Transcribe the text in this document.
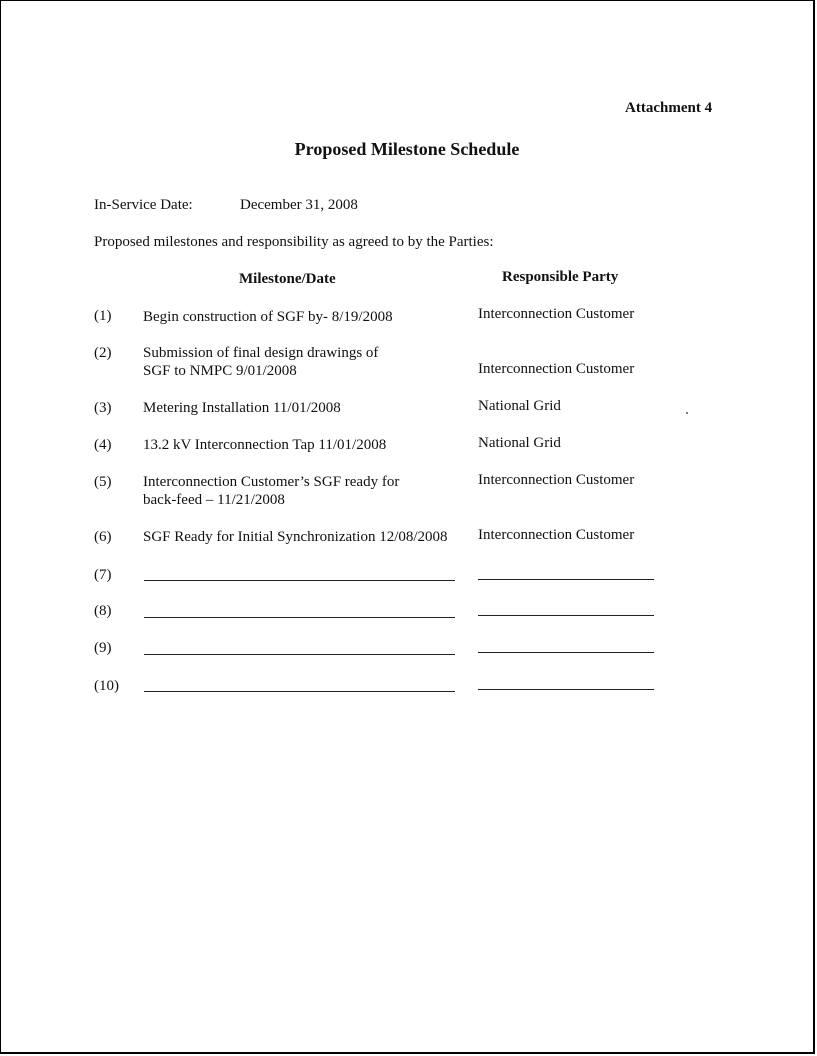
Attachment 4
Proposed Milestone Schedule
In-Service Date:	December 31, 2008
Proposed milestones and responsibility as agreed to by the Parties:
Milestone/Date	Responsible Party
(1) Begin construction of SGF by- 8/19/2008	Interconnection Customer
(2) Submission of final design drawings of
SGF to NMPC 9/01/2008	Interconnection Customer
(3) Metering Installation 11/01/2008	National Grid
(4) 13.2 kV Interconnection Tap 11/01/2008	National Grid
(5) Interconnection Customer’s SGF ready for
back-feed – 11/21/2008
Interconnection Customer
(6) SGF Ready for Initial Synchronization 12/08/2008 Interconnection Customer
(7)
(8)
(9)
(10)
